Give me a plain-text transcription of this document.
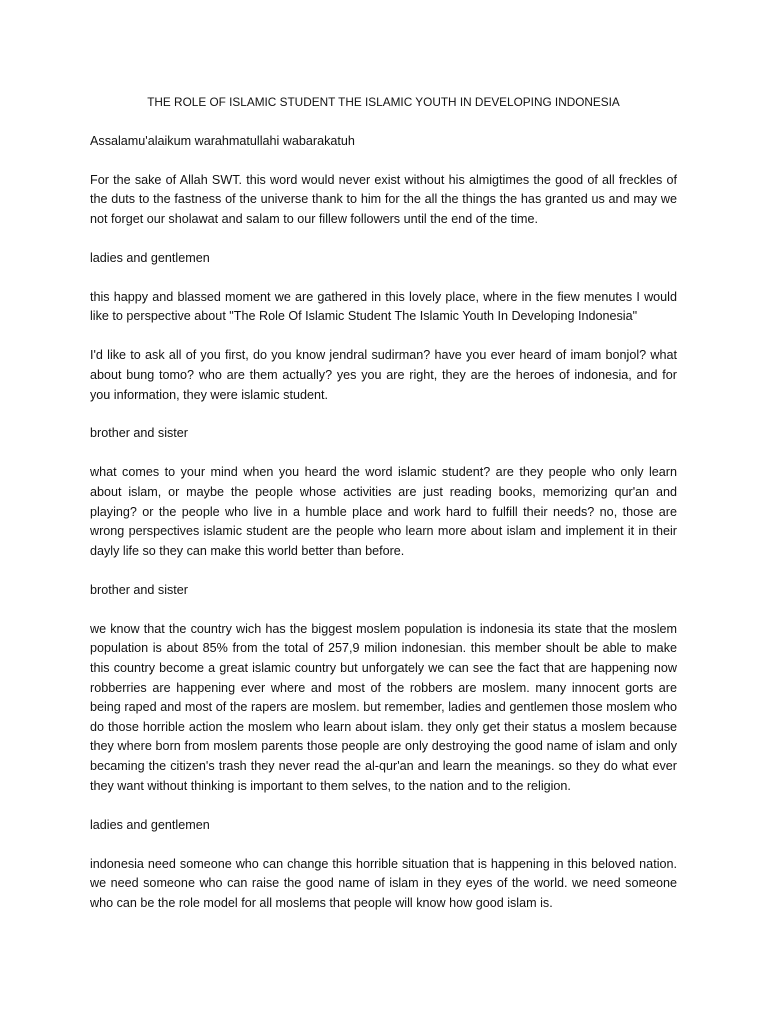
THE ROLE OF ISLAMIC STUDENT THE ISLAMIC YOUTH IN DEVELOPING INDONESIA

Assalamu'alaikum warahmatullahi wabarakatuh

For the sake of Allah SWT. this word would never exist without his almigtimes the good of all freckles of the duts to the fastness of the universe thank to him for the all the things the has granted us and may we not forget our sholawat and salam to our fillew followers until the end of the time.

ladies and gentlemen

this happy and blassed moment we are gathered in this lovely place, where in the fiew menutes I would like to perspective about "The Role Of Islamic Student The Islamic Youth In Developing Indonesia"

I'd like to ask all of you first, do you know jendral sudirman? have you ever heard of imam bonjol? what about bung tomo? who are them actually? yes you are right, they are the heroes of indonesia, and for you information, they were islamic student.

brother and sister

what comes to your mind when you heard the word islamic student? are they people who only learn about islam, or maybe the people whose activities are just reading books, memorizing qur'an and playing? or the people who live in a humble place and work hard to fulfill their needs? no, those are wrong perspectives islamic student are the people who learn more about islam and implement it in their dayly life so they can make this world better than before.

brother and sister

we know that the country wich has the biggest moslem population is indonesia its state that the moslem population is about 85% from the total of 257,9 milion indonesian. this member shoult be able to make this country become a great islamic country but unforgately we can see the fact that are happening now robberries are happening ever where and most of the robbers are moslem. many innocent gorts are being raped and most of the rapers are moslem. but remember, ladies and gentlemen those moslem who do those horrible action the moslem who learn about islam. they only get their status a moslem because they where born from moslem parents those people are only destroying the good name of islam and only becaming the citizen's trash they never read the al-qur'an and learn the meanings. so they do what ever they want without thinking is important to them selves, to the nation and to the religion.

ladies and gentlemen

indonesia need someone who can change this horrible situation that is happening in this beloved nation. we need someone who can raise the good name of islam in they eyes of the world. we need someone who can be the role model for all moslems that people will know how good islam is.
